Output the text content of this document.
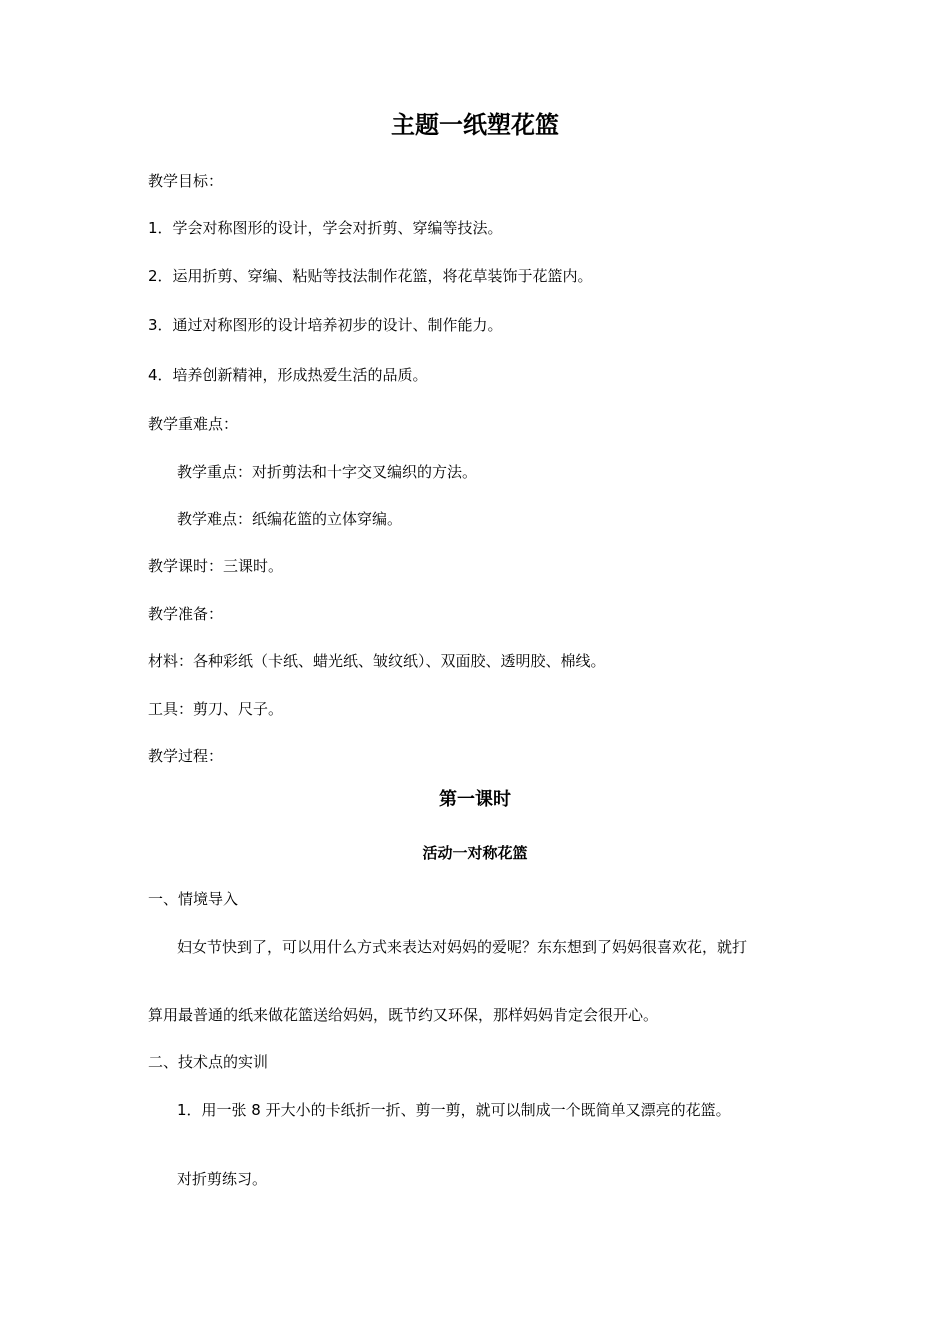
主题一纸塑花篮
教学目标：
1．学会对称图形的设计，学会对折剪、穿编等技法。
2．运用折剪、穿编、粘贴等技法制作花篮，将花草装饰于花篮内。
3．通过对称图形的设计培养初步的设计、制作能力。
4．培养创新精神，形成热爱生活的品质。
教学重难点：
教学重点：对折剪法和十字交叉编织的方法。
教学难点：纸编花篮的立体穿编。
教学课时：三课时。
教学准备：
材料：各种彩纸（卡纸、蜡光纸、皱纹纸）、双面胶、透明胶、棉线。
工具：剪刀、尺子。
教学过程：
第一课时
活动一对称花篮
一、情境导入
妇女节快到了，可以用什么方式来表达对妈妈的爱呢？东东想到了妈妈很喜欢花，就打
算用最普通的纸来做花篮送给妈妈，既节约又环保，那样妈妈肯定会很开心。
二、技术点的实训
1．用一张 8 开大小的卡纸折一折、剪一剪，就可以制成一个既简单又漂亮的花篮。
对折剪练习。
